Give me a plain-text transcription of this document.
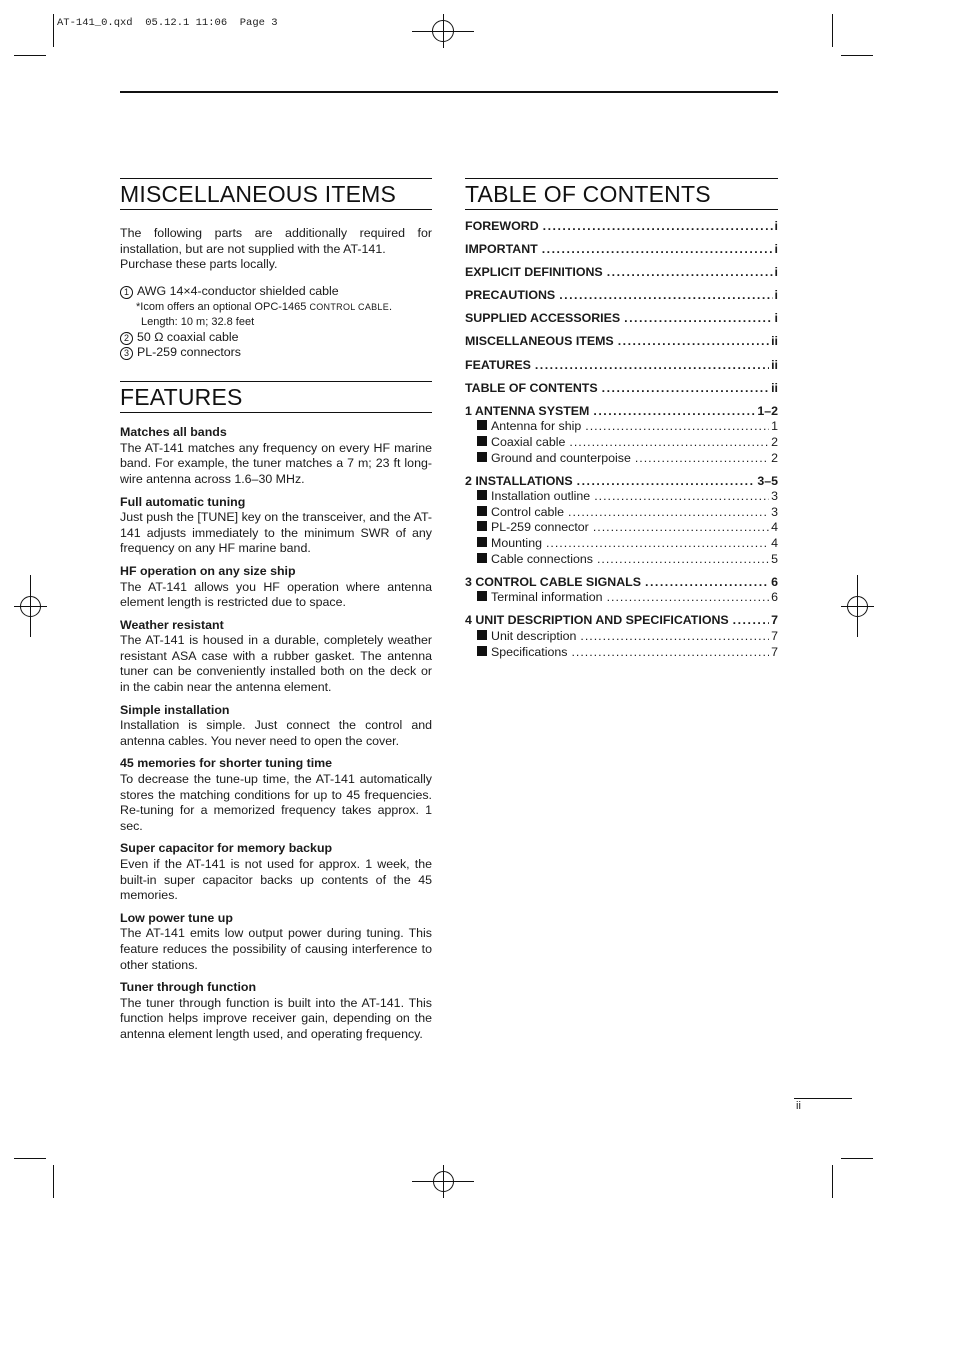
AT-141_0.qxd  05.12.1 11:06  Page 3
MISCELLANEOUS ITEMS
The following parts are additionally required for installation, but are not supplied with the AT-141.
Purchase these parts locally.
1 AWG 14×4-conductor shielded cable
*Icom offers an optional OPC-1465 CONTROL CABLE.
Length: 10 m; 32.8 feet
2 50 Ω coaxial cable
3 PL-259 connectors
FEATURES
Matches all bands
The AT-141 matches any frequency on every HF marine band. For example, the tuner matches a 7 m; 23 ft long-wire antenna across 1.6–30 MHz.
Full automatic tuning
Just push the [TUNE] key on the transceiver, and the AT-141 adjusts immediately to the minimum SWR of any frequency on any HF marine band.
HF operation on any size ship
The AT-141 allows you HF operation where antenna element length is restricted due to space.
Weather resistant
The AT-141 is housed in a durable, completely weather resistant ASA case with a rubber gasket. The antenna tuner can be conveniently installed both on the deck or in the cabin near the antenna element.
Simple installation
Installation is simple. Just connect the control and antenna cables. You never need to open the cover.
45 memories for shorter tuning time
To decrease the tune-up time, the AT-141 automatically stores the matching conditions for up to 45 frequencies. Re-tuning for a memorized frequency takes approx. 1 sec.
Super capacitor for memory backup
Even if the AT-141 is not used for approx. 1 week, the built-in super capacitor backs up contents of the 45 memories.
Low power tune up
The AT-141 emits low output power during tuning. This feature reduces the possibility of causing interference to other stations.
Tuner through function
The tuner through function is built into the AT-141. This function helps improve receiver gain, depending on the antenna element length used, and operating frequency.
TABLE OF CONTENTS
FOREWORD .....	i
IMPORTANT .....	i
EXPLICIT DEFINITIONS .....	i
PRECAUTIONS .....	i
SUPPLIED ACCESSORIES .....	i
MISCELLANEOUS ITEMS .....	ii
FEATURES .....	ii
TABLE OF CONTENTS .....	ii
1 ANTENNA SYSTEM .....	1–2
Antenna for ship .....	1
Coaxial cable .....	2
Ground and counterpoise .....	2
2 INSTALLATIONS .....	3–5
Installation outline .....	3
Control cable .....	3
PL-259 connector .....	4
Mounting .....	4
Cable connections .....	5
3 CONTROL CABLE SIGNALS .....	6
Terminal information .....	6
4 UNIT DESCRIPTION AND SPECIFICATIONS .....	7
Unit description .....	7
Specifications .....	7
ii
